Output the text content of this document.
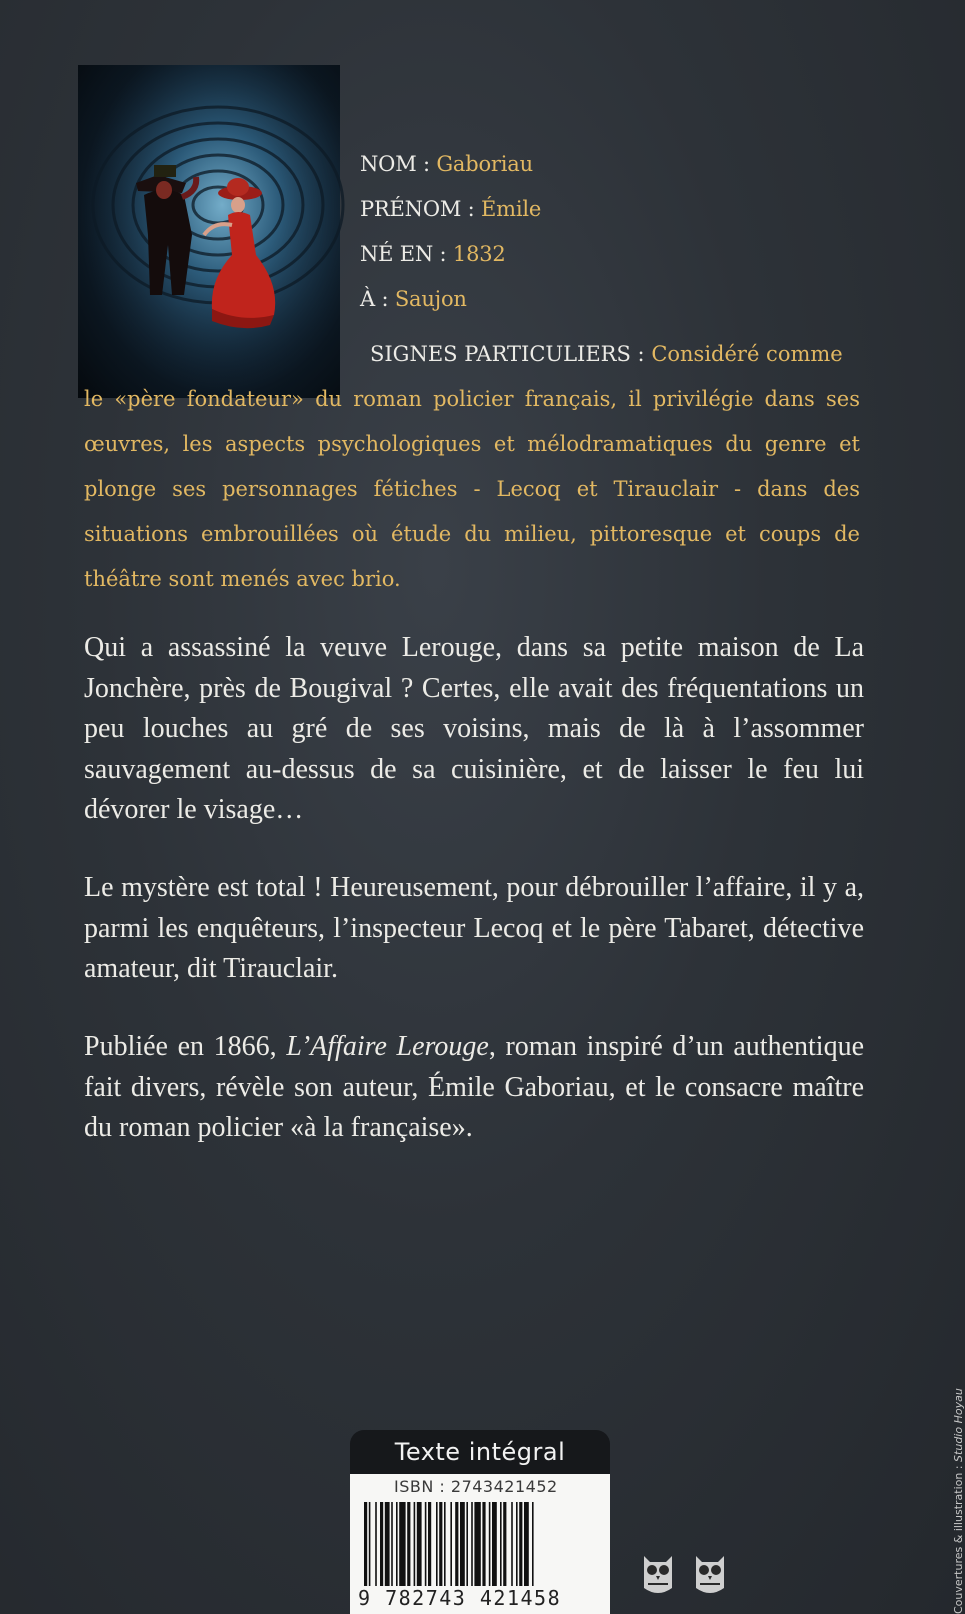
NOM : Gaboriau
PRÉNOM : Émile
NÉ EN : 1832
À : Saujon
SIGNES PARTICULIERS : Considéré comme
le «père fondateur» du roman policier français, il privilégie dans ses œuvres, les aspects psychologiques et mélodramatiques du genre et plonge ses personnages fétiches - Lecoq et Tirauclair - dans des situations embrouillées où étude du milieu, pittoresque et coups de théâtre sont menés avec brio.
Qui a assassiné la veuve Lerouge, dans sa petite maison de La Jonchère, près de Bougival ? Certes, elle avait des fréquentations un peu louches au gré de ses voisins, mais de là à l’assommer sauvagement au-dessus de sa cuisinière, et de laisser le feu lui dévorer le visage…
Le mystère est total ! Heureusement, pour débrouiller l’affaire, il y a, parmi les enquêteurs, l’inspecteur Lecoq et le père Tabaret, détective amateur, dit Tirauclair.
Publiée en 1866, L’Affaire Lerouge, roman inspiré d’un authentique fait divers, révèle son auteur, Émile Gaboriau, et le consacre maître du roman policier «à la française».
Texte intégral
ISBN : 2743421452
9 782743 421458	Couvertures & illustration : Studio Hoyau
